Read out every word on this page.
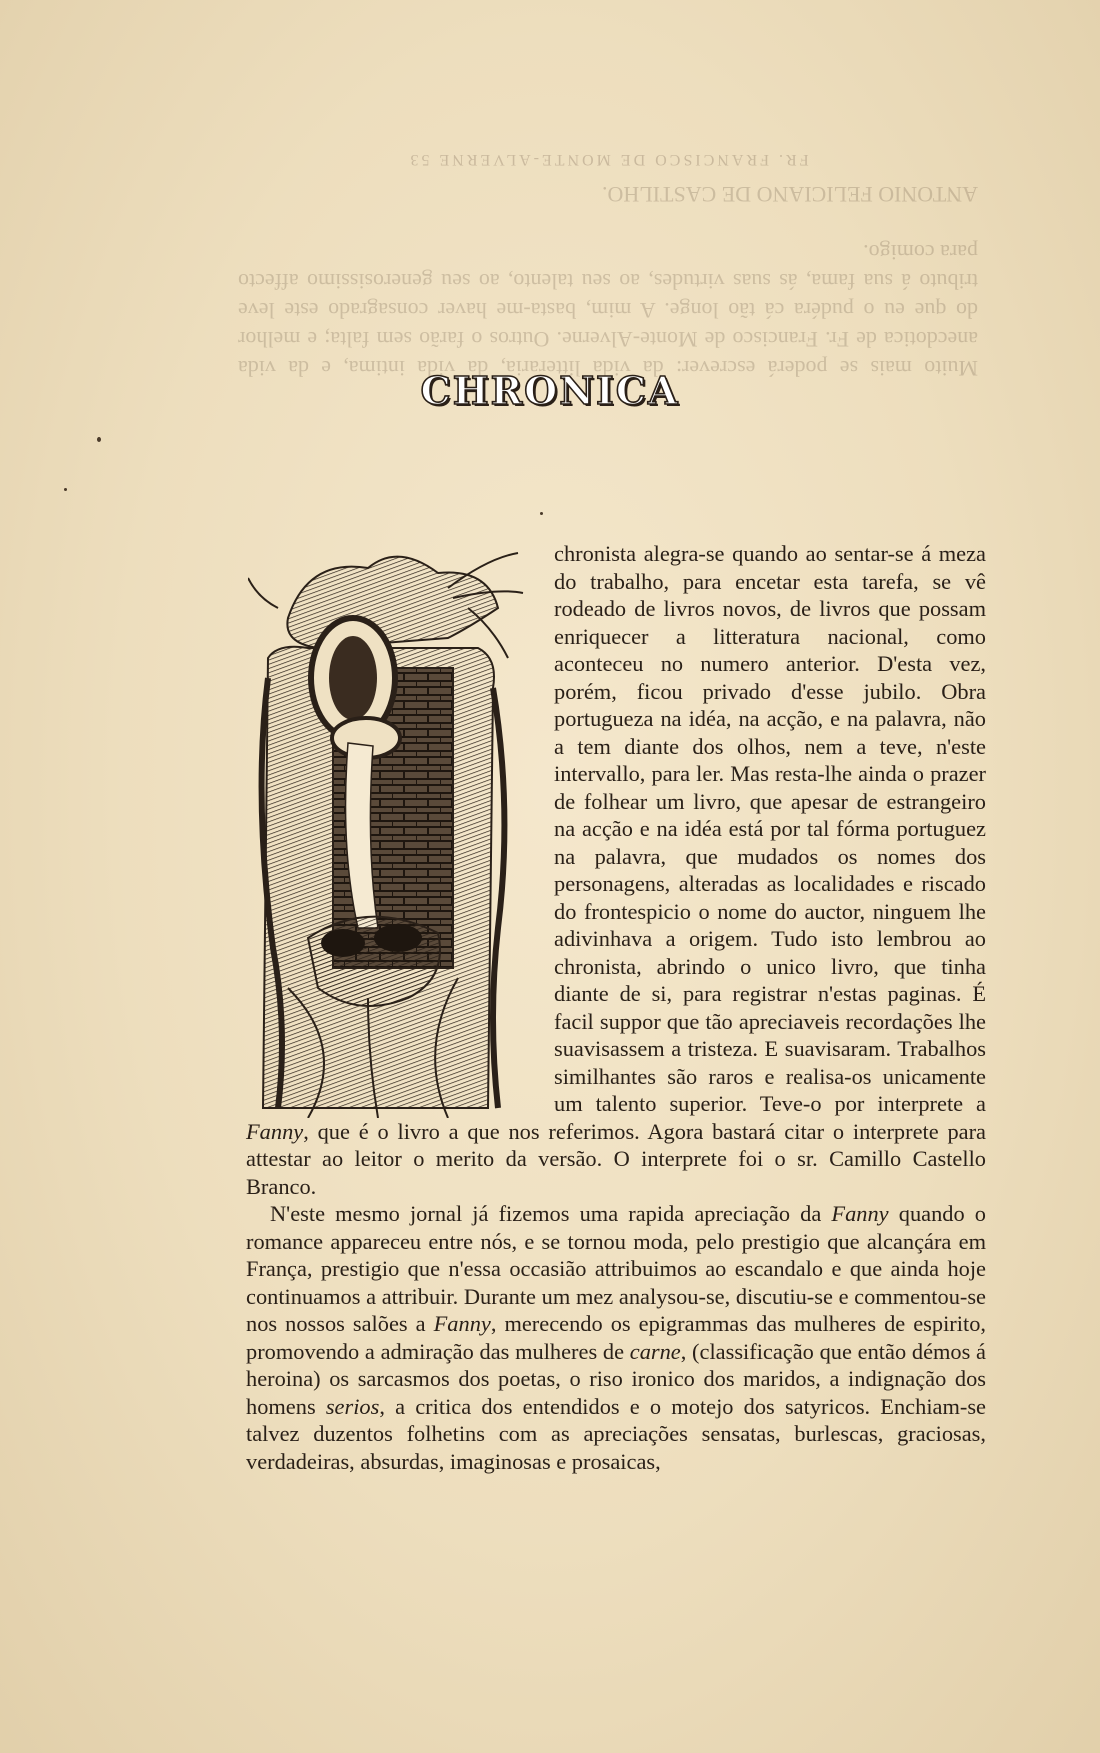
FR. FRANCISCO DE MONTE-ALVERNE 53
Muito mais se poderá escrever: da vida litteraria, da vida intima, e da vida anecdotica de Fr. Francisco de Monte-Alverne. Outros o farão sem falta; e melhor do que eu o pudéra cá tão longe. A mim, basta-me haver consagrado este leve tributo á sua fama, ás suas virtudes, ao seu talento, ao seu generosissimo affecto para comigo.

ANTONIO FELICIANO DE CASTILHO.
CHRONICA

chronista alegra-se quando ao sentar-se á meza do trabalho, para encetar esta tarefa, se vê rodeado de livros novos, de livros que possam enriquecer a litteratura nacional, como aconteceu no numero anterior. D'esta vez, porém, ficou privado d'esse jubilo. Obra portugueza na idéa, na acção, e na palavra, não a tem diante dos olhos, nem a teve, n'este intervallo, para ler. Mas resta-lhe ainda o prazer de folhear um livro, que apesar de estrangeiro na acção e na idéa está por tal fórma portuguez na palavra, que mudados os nomes dos personagens, alteradas as localidades e riscado do frontespicio o nome do auctor, ninguem lhe adivinhava a origem. Tudo isto lembrou ao chronista, abrindo o unico livro, que tinha diante de si, para registrar n'estas paginas. É facil suppor que tão apreciaveis recordações lhe suavisassem a tristeza. E suavisaram. Trabalhos similhantes são raros e realisa-os unicamente um talento superior. Teve-o por interprete a Fanny, que é o livro a que nos referimos. Agora bastará citar o interprete para attestar ao leitor o merito da versão. O interprete foi o sr. Camillo Castello Branco.

N'este mesmo jornal já fizemos uma rapida apreciação da Fanny quando o romance appareceu entre nós, e se tornou moda, pelo prestigio que alcançára em França, prestigio que n'essa occasião attribuimos ao escandalo e que ainda hoje continuamos a attribuir. Durante um mez analysou-se, discutiu-se e commentou-se nos nossos salões a Fanny, merecendo os epigrammas das mulheres de espirito, promovendo a admiração das mulheres de carne, (classificação que então démos á heroina) os sarcasmos dos poetas, o riso ironico dos maridos, a indignação dos homens serios, a critica dos entendidos e o motejo dos satyricos. Enchiam-se talvez duzentos folhetins com as apreciações sensatas, burlescas, graciosas, verdadeiras, absurdas, imaginosas e prosaicas,
